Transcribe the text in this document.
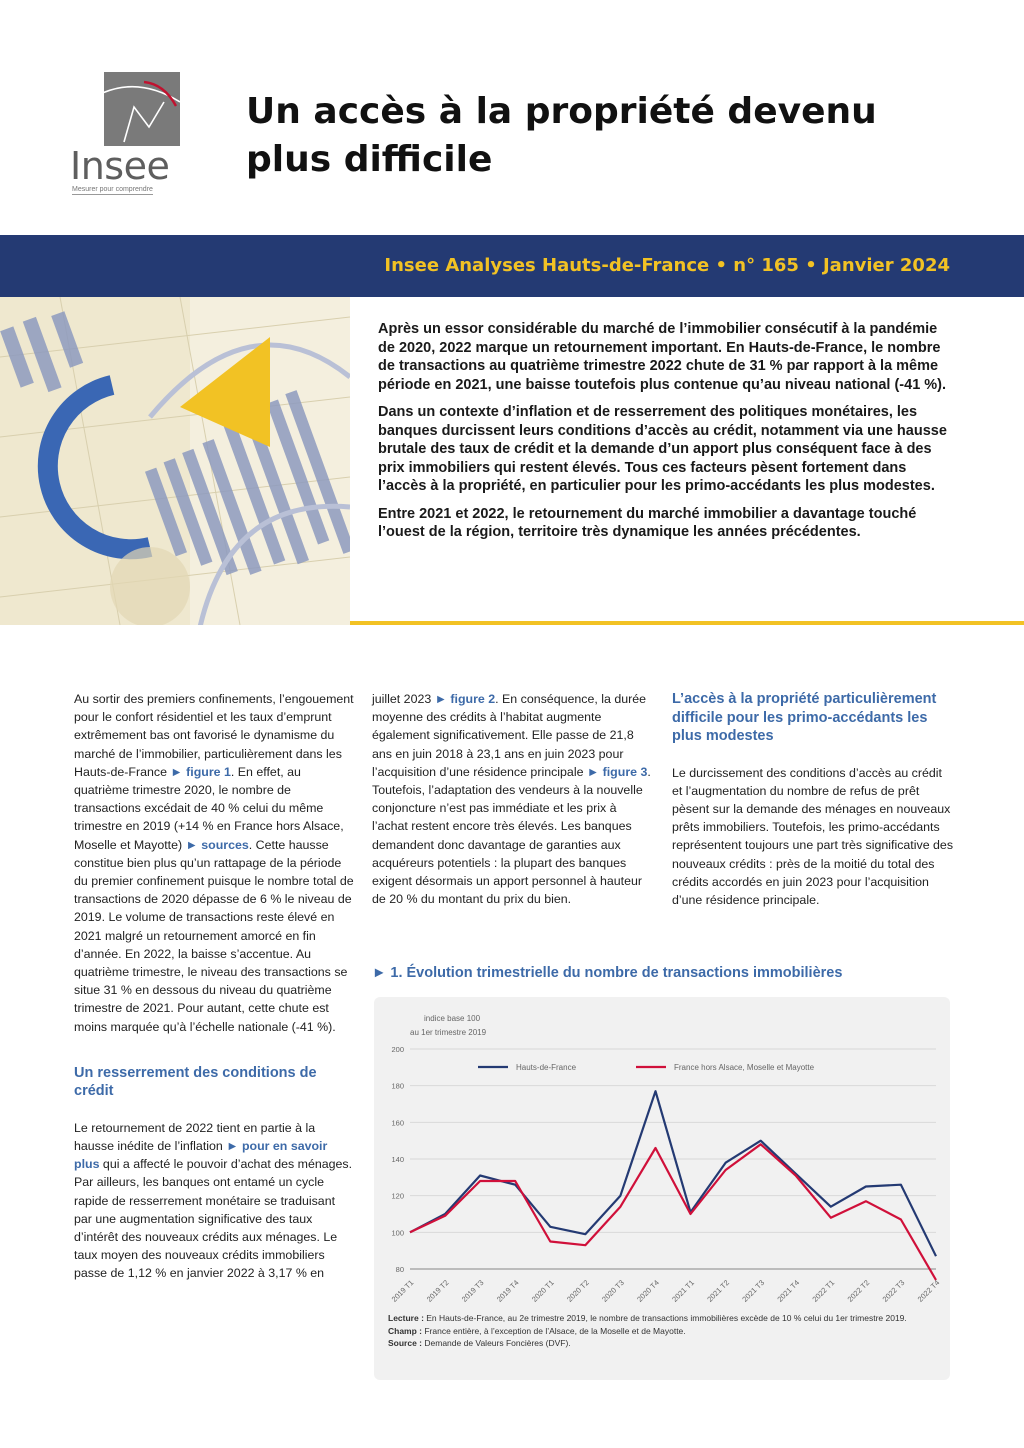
Insee
Mesurer pour comprendre
Un accès à la propriété devenu plus difficile
Insee Analyses Hauts-de-France • n° 165 • Janvier 2024

Après un essor considérable du marché de l’immobilier consécutif à la pandémie de 2020, 2022 marque un retournement important. En Hauts-de-France, le nombre de transactions au quatrième trimestre 2022 chute de 31 % par rapport à la même période en 2021, une baisse toutefois plus contenue qu’au niveau national (-41 %).

Dans un contexte d’inflation et de resserrement des politiques monétaires, les banques durcissent leurs conditions d’accès au crédit, notamment via une hausse brutale des taux de crédit et la demande d’un apport plus conséquent face à des prix immobiliers qui restent élevés. Tous ces facteurs pèsent fortement dans l’accès à la propriété, en particulier pour les primo-accédants les plus modestes.

Entre 2021 et 2022, le retournement du marché immobilier a davantage touché l’ouest de la région, territoire très dynamique les années précédentes.

Au sortir des premiers confinements, l’engouement pour le confort résidentiel et les taux d’emprunt extrêmement bas ont favorisé le dynamisme du marché de l’immobilier, particulièrement dans les Hauts-de-France ► figure 1. En effet, au quatrième trimestre 2020, le nombre de transactions excédait de 40 % celui du même trimestre en 2019 (+14 % en France hors Alsace, Moselle et Mayotte) ► sources. Cette hausse constitue bien plus qu’un rattapage de la période du premier confinement puisque le nombre total de transactions de 2020 dépasse de 6 % le niveau de 2019. Le volume de transactions reste élevé en 2021 malgré un retournement amorcé en fin d’année. En 2022, la baisse s’accentue. Au quatrième trimestre, le niveau des transactions se situe 31 % en dessous du niveau du quatrième trimestre de 2021. Pour autant, cette chute est moins marquée qu’à l’échelle nationale (-41 %).

Un resserrement des conditions de crédit

Le retournement de 2022 tient en partie à la hausse inédite de l’inflation ► pour en savoir plus qui a affecté le pouvoir d’achat des ménages. Par ailleurs, les banques ont entamé un cycle rapide de resserrement monétaire se traduisant par une augmentation significative des taux d’intérêt des nouveaux crédits aux ménages. Le taux moyen des nouveaux crédits immobiliers passe de 1,12 % en janvier 2022 à 3,17 % en

juillet 2023 ► figure 2. En conséquence, la durée moyenne des crédits à l’habitat augmente également significativement. Elle passe de 21,8 ans en juin 2018 à 23,1 ans en juin 2023 pour l’acquisition d’une résidence principale ► figure 3. Toutefois, l’adaptation des vendeurs à la nouvelle conjoncture n’est pas immédiate et les prix à l’achat restent encore très élevés. Les banques demandent donc davantage de garanties aux acquéreurs potentiels : la plupart des banques exigent désormais un apport personnel à hauteur de 20 % du montant du prix du bien.

L’accès à la propriété particulièrement difficile pour les primo-accédants les plus modestes

Le durcissement des conditions d’accès au crédit et l’augmentation du nombre de refus de prêt pèsent sur la demande des ménages en nouveaux prêts immobiliers. Toutefois, les primo-accédants représentent toujours une part très significative des nouveaux crédits : près de la moitié du total des crédits accordés en juin 2023 pour l’acquisition d’une résidence principale.

► 1. Évolution trimestrielle du nombre de transactions immobilières
indice base 100
au 1er trimestre 2019
80
100
120
140
160
180
200
2019 T1 2019 T2 2019 T3 2019 T4 2020 T1 2020 T2 2020 T3 2020 T4 2021 T1 2021 T2 2021 T3 2021 T4 2022 T1 2022 T2 2022 T3 2022 T4
Hauts-de-France	France hors Alsace, Moselle et Mayotte
Lecture : En Hauts-de-France, au 2e trimestre 2019, le nombre de transactions immobilières excède de 10 % celui du 1er trimestre 2019.
Champ : France entière, à l’exception de l’Alsace, de la Moselle et de Mayotte.
Source : Demande de Valeurs Foncières (DVF).
